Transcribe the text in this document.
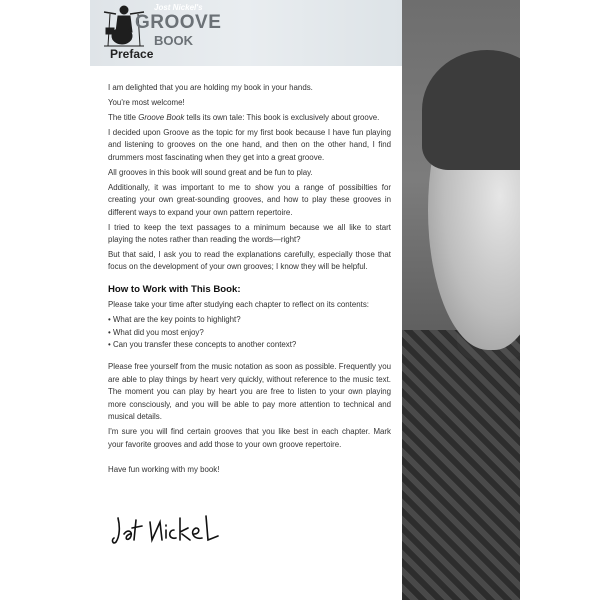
Jost Nickel's
GROOVE
BOOK
Preface

I am delighted that you are holding my book in your hands.

You're most welcome!

The title Groove Book tells its own tale: This book is exclusively about groove.

I decided upon Groove as the topic for my first book because I have fun playing and listening to grooves on the one hand, and then on the other hand, I find drummers most fascinating when they get into a great groove.

All grooves in this book will sound great and be fun to play.

Additionally, it was important to me to show you a range of possibilties for creating your own great-sounding grooves, and how to play these grooves in different ways to expand your own pattern repertoire.

I tried to keep the text passages to a minimum because we all like to start playing the notes rather than reading the words—right?

But that said, I ask you to read the explanations carefully, especially those that focus on the development of your own grooves; I know they will be helpful.

How to Work with This Book:

Please take your time after studying each chapter to reflect on its contents:

• What are the key points to highlight?
• What did you most enjoy?
• Can you transfer these concepts to another context?

Please free yourself from the music notation as soon as possible. Frequently you are able to play things by heart very quickly, without reference to the music text. The moment you can play by heart you are free to listen to your own playing more consciously, and you will be able to pay more attention to technical and musical details.

I'm sure you will find certain grooves that you like best in each chapter. Mark your favorite grooves and add those to your own groove repertoire.

Have fun working with my book!
